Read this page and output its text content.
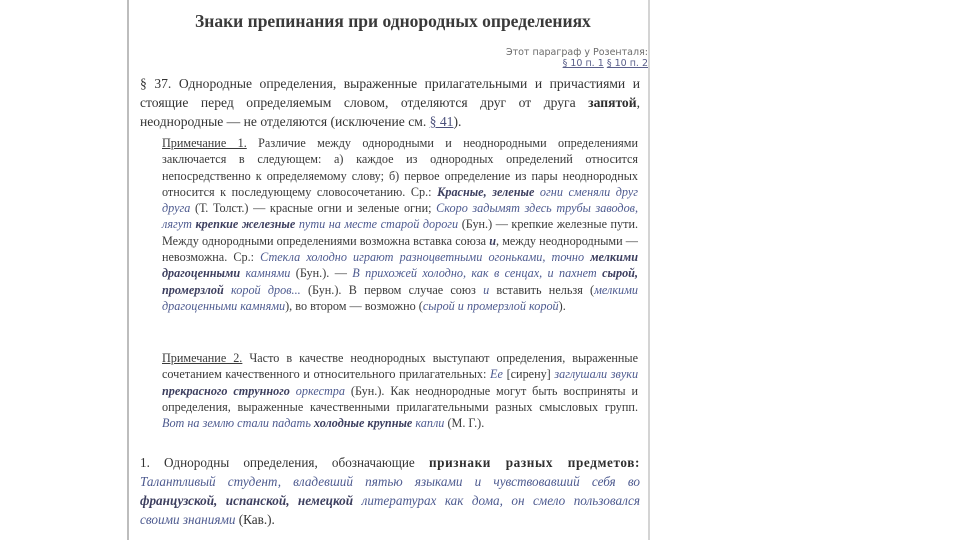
Знаки препинания при однородных определениях
Этот параграф у Розенталя:
§ 10 п. 1 § 10 п. 2
§ 37. Однородные определения, выраженные прилагательными и причастиями и стоящие перед определяемым словом, отделяются друг от друга запятой, неоднородные — не отделяются (исключение см. § 41).
Примечание 1. Различие между однородными и неоднородными определениями заключается в следующем: а) каждое из однородных определений относится непосредственно к определяемому слову; б) первое определение из пары неоднородных относится к последующему словосочетанию. Ср.: Красные, зеленые огни сменяли друг друга (Т. Толст.) — красные огни и зеленые огни; Скоро задымят здесь трубы заводов, лягут крепкие железные пути на месте старой дороги (Бун.) — крепкие железные пути. Между однородными определениями возможна вставка союза и, между неоднородными — невозможна. Ср.: Стекла холодно играют разноцветными огоньками, точно мелкими драгоценными камнями (Бун.). — В прихожей холодно, как в сенцах, и пахнет сырой, промерзлой корой дров... (Бун.). В первом случае союз и вставить нельзя (мелкими драгоценными камнями), во втором — возможно (сырой и промерзлой корой).
Примечание 2. Часто в качестве неоднородных выступают определения, выраженные сочетанием качественного и относительного прилагательных: Ее [сирену] заглушали звуки прекрасного струнного оркестра (Бун.). Как неоднородные могут быть восприняты и определения, выраженные качественными прилагательными разных смысловых групп. Вот на землю стали падать холодные крупные капли (М. Г.).
1. Однородны определения, обозначающие признаки разных предметов: Талантливый студент, владевший пятью языками и чувствовавший себя во французской, испанской, немецкой литературах как дома, он смело пользовался своими знаниями (Кав.).
